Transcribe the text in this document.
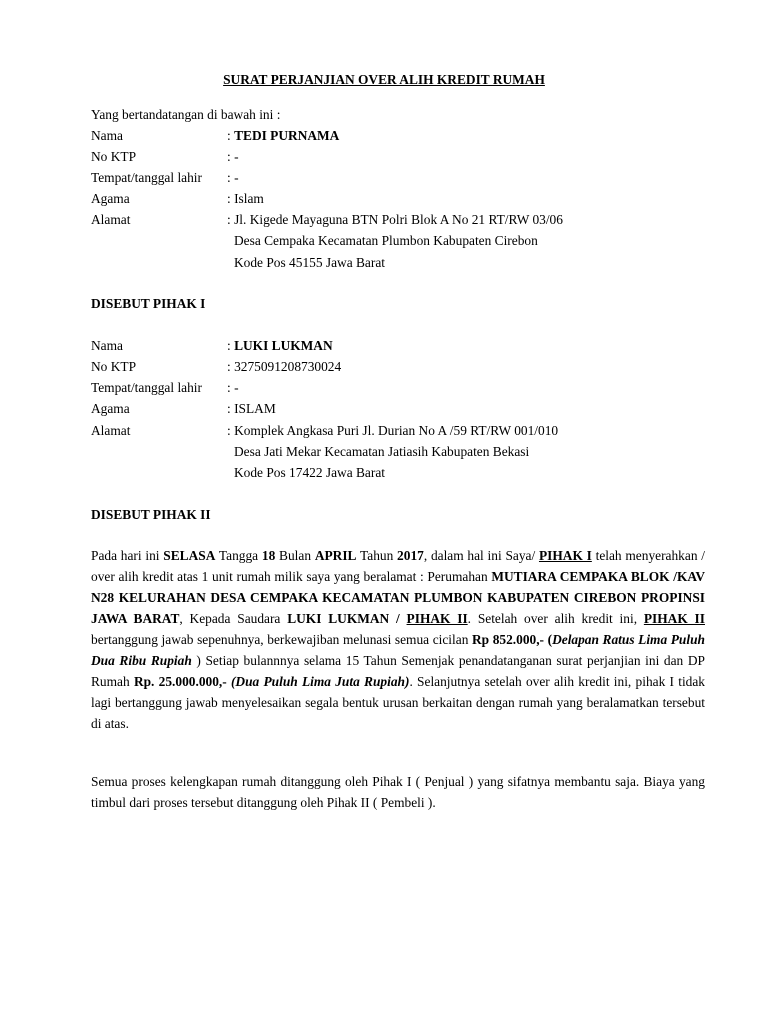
SURAT PERJANJIAN OVER ALIH KREDIT RUMAH
Yang bertandatangan di bawah ini :
Nama	: TEDI PURNAMA
No KTP	: -
Tempat/tanggal lahir : -
Agama	: Islam
Alamat	: Jl. Kigede Mayaguna BTN Polri Blok A No 21 RT/RW 03/06
Desa Cempaka Kecamatan Plumbon Kabupaten Cirebon
Kode Pos 45155 Jawa Barat
DISEBUT PIHAK I
Nama	: LUKI LUKMAN
No KTP	: 3275091208730024
Tempat/tanggal lahir : -
Agama	: ISLAM
Alamat	: Komplek Angkasa Puri Jl. Durian No A /59 RT/RW 001/010
Desa Jati Mekar Kecamatan Jatiasih Kabupaten Bekasi
Kode Pos 17422 Jawa Barat
DISEBUT PIHAK II

Pada hari ini SELASA Tangga 18 Bulan APRIL Tahun 2017, dalam hal ini Saya/ PIHAK I telah menyerahkan / over alih kredit atas 1 unit rumah milik saya yang beralamat : Perumahan MUTIARA CEMPAKA BLOK /KAV N28 KELURAHAN DESA CEMPAKA KECAMATAN PLUMBON KABUPATEN CIREBON PROPINSI JAWA BARAT, Kepada Saudara LUKI LUKMAN / PIHAK II. Setelah over alih kredit ini, PIHAK II bertanggung jawab sepenuhnya, berkewajiban melunasi semua cicilan Rp 852.000,- (Delapan Ratus Lima Puluh Dua Ribu Rupiah ) Setiap bulannnya selama 15 Tahun Semenjak penandatanganan surat perjanjian ini dan DP Rumah Rp. 25.000.000,- (Dua Puluh Lima Juta Rupiah). Selanjutnya setelah over alih kredit ini, pihak I tidak lagi bertanggung jawab menyelesaikan segala bentuk urusan berkaitan dengan rumah yang beralamatkan tersebut di atas.

Semua proses kelengkapan rumah ditanggung oleh Pihak I ( Penjual ) yang sifatnya membantu saja. Biaya yang timbul dari proses tersebut ditanggung oleh Pihak II ( Pembeli ).
